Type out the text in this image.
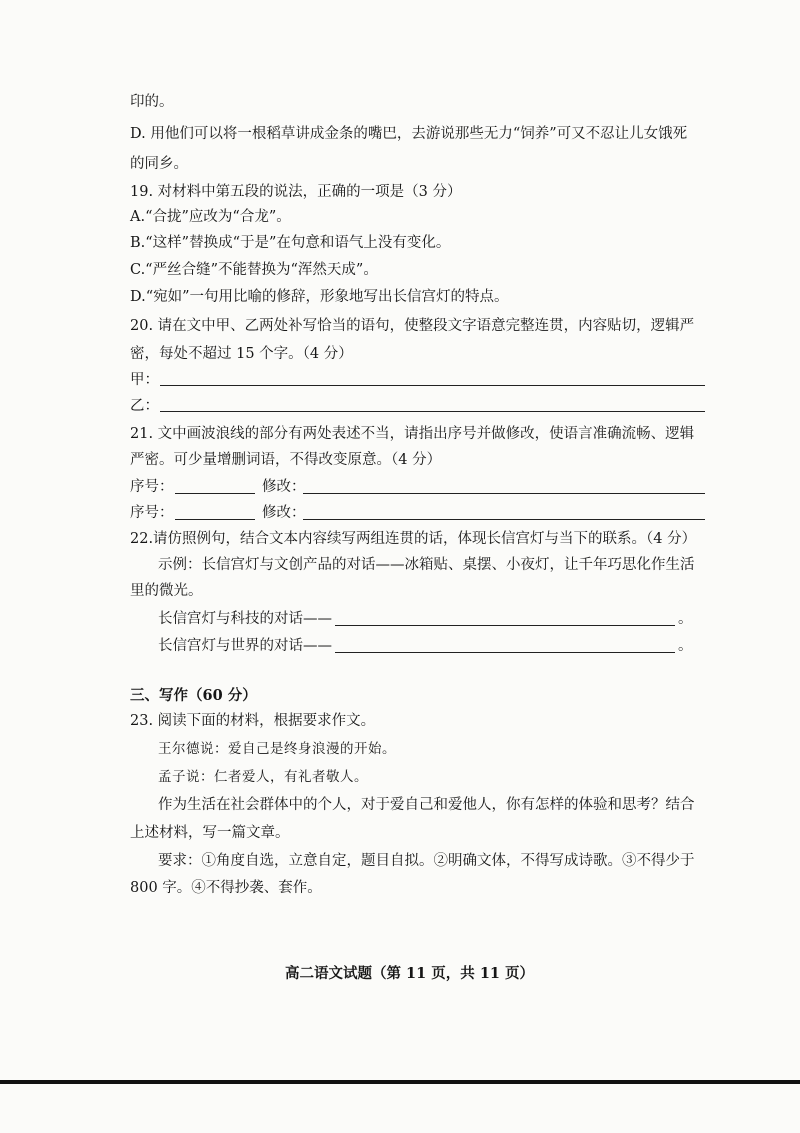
印的。
D. 用他们可以将一根稻草讲成金条的嘴巴，去游说那些无力“饲养”可又不忍让儿女饿死
的同乡。
19. 对材料中第五段的说法，正确的一项是（3 分）
A.“合拢”应改为“合龙”。
B.“这样”替换成“于是”在句意和语气上没有变化。
C.“严丝合缝”不能替换为“浑然天成”。
D.“宛如”一句用比喻的修辞，形象地写出长信宫灯的特点。
20. 请在文中甲、乙两处补写恰当的语句，使整段文字语意完整连贯，内容贴切，逻辑严
密，每处不超过 15 个字。（4 分）
甲：
乙：
21. 文中画波浪线的部分有两处表述不当，请指出序号并做修改，使语言准确流畅、逻辑
严密。可少量增删词语，不得改变原意。（4 分）
序号：	修改：
序号：	修改：
22.请仿照例句，结合文本内容续写两组连贯的话，体现长信宫灯与当下的联系。（4 分）
示例：长信宫灯与文创产品的对话——冰箱贴、桌摆、小夜灯，让千年巧思化作生活
里的微光。
长信宫灯与科技的对话——	。
长信宫灯与世界的对话——	。
三、写作（60 分）
23. 阅读下面的材料，根据要求作文。
王尔德说：爱自己是终身浪漫的开始。
孟子说：仁者爱人，有礼者敬人。
作为生活在社会群体中的个人，对于爱自己和爱他人，你有怎样的体验和思考？结合
上述材料，写一篇文章。
要求：①角度自选，立意自定，题目自拟。②明确文体，不得写成诗歌。③不得少于
800 字。④不得抄袭、套作。
高二语文试题（第 11 页，共 11 页）
